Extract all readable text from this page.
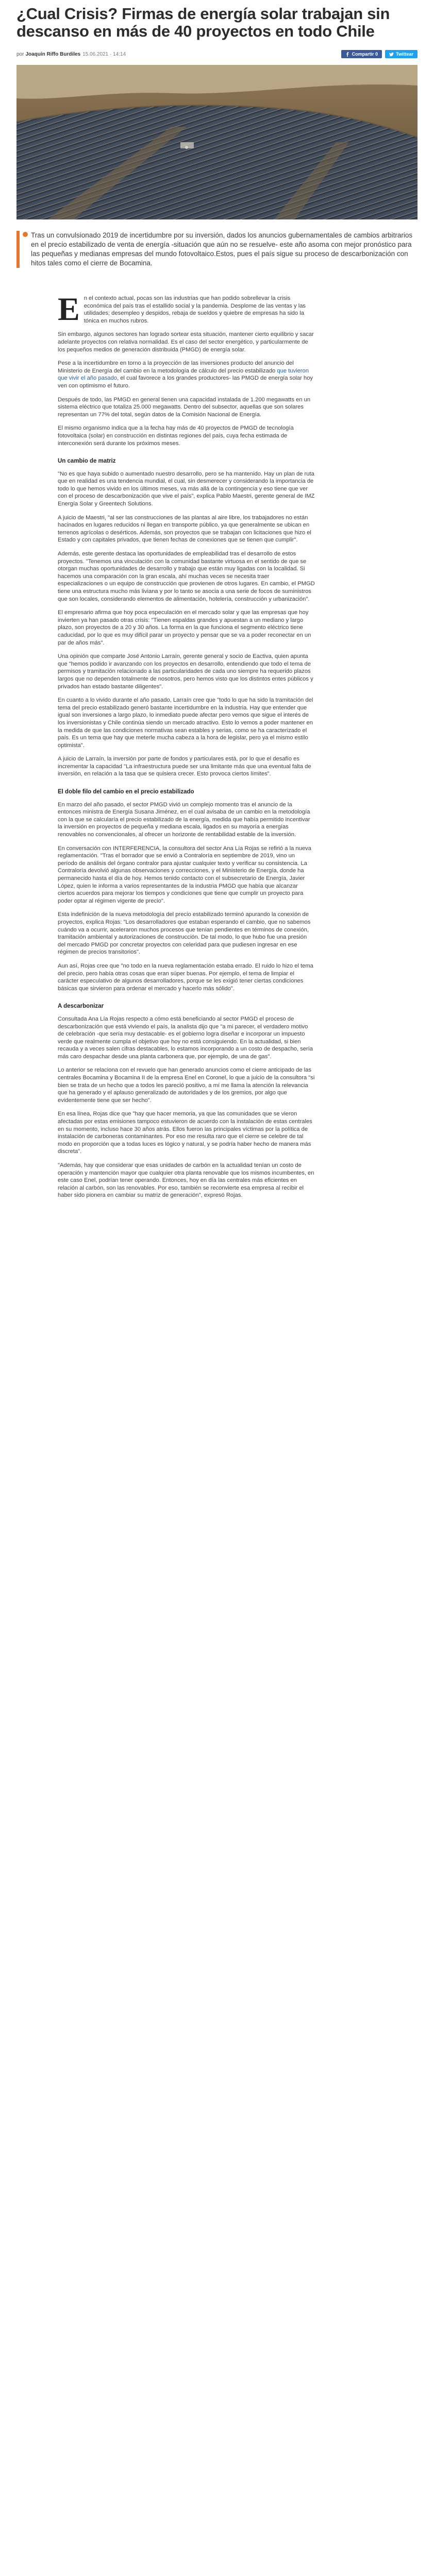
¿Cual Crisis? Firmas de energía solar trabajan sin descanso en más de 40 proyectos en todo Chile
por Joaquín Riffo Burdiles 15.06.2021 · 14:14	Compartir 0	Twittear

Tras un convulsionado 2019 de incertidumbre por su inversión, dados los anuncios gubernamentales de cambios arbitrarios en el precio estabilizado de venta de energía -situación que aún no se resuelve- este año asoma con mejor pronóstico para las pequeñas y medianas empresas del mundo fotovoltaico.Estos, pues el país sigue su proceso de descarbonización con hitos tales como el cierre de Bocamina.

En el contexto actual, pocas son las industrias que han podido sobrellevar la crisis económica del país tras el estallido social y la pandemia. Desplome de las ventas y las utilidades; desempleo y despidos, rebaja de sueldos y quiebre de empresas ha sido la tónica en muchos rubros.

Sin embargo, algunos sectores han logrado sortear esta situación, mantener cierto equilibrio y sacar adelante proyectos con relativa normalidad. Es el caso del sector energético, y particularmente de los pequeños medios de generación distribuida (PMGD) de energía solar.

Pese a la incertidumbre en torno a la proyección de las inversiones producto del anuncio del Ministerio de Energía del cambio en la metodología de cálculo del precio estabilizado que tuvieron que vivir el año pasado, el cual favorece a los grandes productores- las PMGD de energía solar hoy ven con optimismo el futuro.

Después de todo, las PMGD en general tienen una capacidad instalada de 1.200 megawatts en un sistema eléctrico que totaliza 25.000 megawatts. Dentro del subsector, aquellas que son solares representan un 77% del total, según datos de la Comisión Nacional de Energía.

El mismo organismo indica que a la fecha hay más de 40 proyectos de PMGD de tecnología fotovoltaica (solar) en construcción en distintas regiones del país, cuya fecha estimada de interconexión será durante los próximos meses.

Un cambio de matriz

"No es que haya subido o aumentado nuestro desarrollo, pero se ha mantenido. Hay un plan de ruta que en realidad es una tendencia mundial, el cual, sin desmerecer y considerando la importancia de todo lo que hemos vivido en los últimos meses, va más allá de la contingencia y eso tiene que ver con el proceso de descarbonización que vive el país", explica Pablo Maestri, gerente general de IMZ Energía Solar y Greentech Solutions.

A juicio de Maestri, "al ser las construcciones de las plantas al aire libre, los trabajadores no están hacinados en lugares reducidos ni llegan en transporte público, ya que generalmente se ubican en terrenos agrícolas o desérticos. Además, son proyectos que se trabajan con licitaciones que hizo el Estado y con capitales privados, que tienen fechas de conexiones que se tienen que cumplir".

Además, este gerente destaca las oportunidades de empleabilidad tras el desarrollo de estos proyectos. "Tenemos una vinculación con la comunidad bastante virtuosa en el sentido de que se otorgan muchas oportunidades de desarrollo y trabajo que están muy ligadas con la localidad. Si hacemos una comparación con la gran escala, ahí muchas veces se necesita traer especializaciones o un equipo de construcción que provienen de otros lugares. En cambio, el PMGD tiene una estructura mucho más liviana y por lo tanto se asocia a una serie de focos de suministros que son locales, considerando elementos de alimentación, hotelería, construcción y urbanización".

El empresario afirma que hoy poca especulación en el mercado solar y que las empresas que hoy invierten ya han pasado otras crisis: "Tienen espaldas grandes y apuestan a un mediano y largo plazo, son proyectos de a 20 y 30 años. La forma en la que funciona el segmento eléctrico tiene caducidad, por lo que es muy difícil parar un proyecto y pensar que se va a poder reconectar en un par de años más".

Una opinión que comparte José Antonio Larraín, gerente general y socio de Eactiva, quien apunta que "hemos podido ir avanzando con los proyectos en desarrollo, entendiendo que todo el tema de permisos y tramitación relacionado a las particularidades de cada uno siempre ha requerido plazos largos que no dependen totalmente de nosotros, pero hemos visto que los distintos entes públicos y privados han estado bastante diligentes".

En cuanto a lo vivido durante el año pasado, Larraín cree que "todo lo que ha sido la tramitación del tema del precio estabilizado generó bastante incertidumbre en la industria. Hay que entender que igual son inversiones a largo plazo, lo inmediato puede afectar pero vemos que sigue el interés de los inversionistas y Chile continúa siendo un mercado atractivo. Esto lo vemos a poder mantener en la medida de que las condiciones normativas sean estables y serias, como se ha caracterizado el país. Es un tema que hay que meterle mucha cabeza a la hora de legislar, pero ya el mismo estilo optimista".

A juicio de Larraín, la inversión por parte de fondos y particulares está, por lo que el desafío es incrementar la capacidad "La infraestructura puede ser una limitante más que una eventual falta de inversión, en relación a la tasa que se quisiera crecer. Esto provoca ciertos límites".

El doble filo del cambio en el precio estabilizado

En marzo del año pasado, el sector PMGD vivió un complejo momento tras el anuncio de la entonces ministra de Energía Susana Jiménez, en el cual avisaba de un cambio en la metodología con la que se calcularía el precio estabilizado de la energía, medida que había permitido incentivar la inversión en proyectos de pequeña y mediana escala, ligados en su mayoría a energías renovables no convencionales, al ofrecer un horizonte de rentabilidad estable de la inversión.

En conversación con INTERFERENCIA, la consultora del sector Ana Lía Rojas se refirió a la nueva reglamentación. "Tras el borrador que se envió a Contraloría en septiembre de 2019, vino un período de análisis del órgano contralor para ajustar cualquier texto y verificar su consistencia. La Contraloría devolvió algunas observaciones y correcciones, y el Ministerio de Energía, donde ha permanecido hasta el día de hoy. Hemos tenido contacto con el subsecretario de Energía, Javier López, quien le informa a varios representantes de la industria PMGD que había que alcanzar ciertos acuerdos para mejorar los tiempos y condiciones que tiene que cumplir un proyecto para poder optar al régimen vigente de precio".

Esta indefinición de la nueva metodología del precio estabilizado terminó apurando la conexión de proyectos, explica Rojas: "Los desarrolladores que estaban esperando el cambio, que no sabemos cuándo va a ocurrir, aceleraron muchos procesos que tenían pendientes en términos de conexión, tramitación ambiental y autorizaciones de construcción. De tal modo, lo que hubo fue una presión del mercado PMGD por concretar proyectos con celeridad para que pudiesen ingresar en ese régimen de precios transitorios".

Aun así, Rojas cree que "no todo en la nueva reglamentación estaba errado. El ruido lo hizo el tema del precio, pero había otras cosas que eran súper buenas. Por ejemplo, el tema de limpiar el carácter especulativo de algunos desarrolladores, porque se les exigió tener ciertas condiciones básicas que sirvieron para ordenar el mercado y hacerlo más sólido".

A descarbonizar

Consultada Ana Lía Rojas respecto a cómo está beneficiando al sector PMGD el proceso de descarbonización que está viviendo el país, la analista dijo que "a mi parecer, el verdadero motivo de celebración -que sería muy destacable- es el gobierno logra diseñar e incorporar un impuesto verde que realmente cumpla el objetivo que hoy no está consiguiendo. En la actualidad, si bien recauda y a veces salen cifras destacables, lo estamos incorporando a un costo de despacho, sería más caro despachar desde una planta carbonera que, por ejemplo, de una de gas".

Lo anterior se relaciona con el revuelo que han generado anuncios como el cierre anticipado de las centrales Bocamina y Bocamina II de la empresa Enel en Coronel, lo que a juicio de la consultora "si bien se trata de un hecho que a todos les pareció positivo, a mí me llama la atención la relevancia que ha generado y el aplauso generalizado de autoridades y de los gremios, por algo que evidentemente tiene que ser hecho".

En esa línea, Rojas dice que "hay que hacer memoria, ya que las comunidades que se vieron afectadas por estas emisiones tampoco estuvieron de acuerdo con la instalación de estas centrales en su momento, incluso hace 30 años atrás. Ellos fueron las principales víctimas por la política de instalación de carboneras contaminantes. Por eso me resulta raro que el cierre se celebre de tal modo en proporción que a todas luces es lógico y natural, y se podría haber hecho de manera más discreta".

"Además, hay que considerar que esas unidades de carbón en la actualidad tenían un costo de operación y mantención mayor que cualquier otra planta renovable que los mismos incumbentes, en este caso Enel, podrían tener operando. Entonces, hoy en día las centrales más eficientes en relación al carbón, son las renovables. Por eso, también se reconvierte esa empresa al recibir el haber sido pionera en cambiar su matriz de generación", expresó Rojas.
